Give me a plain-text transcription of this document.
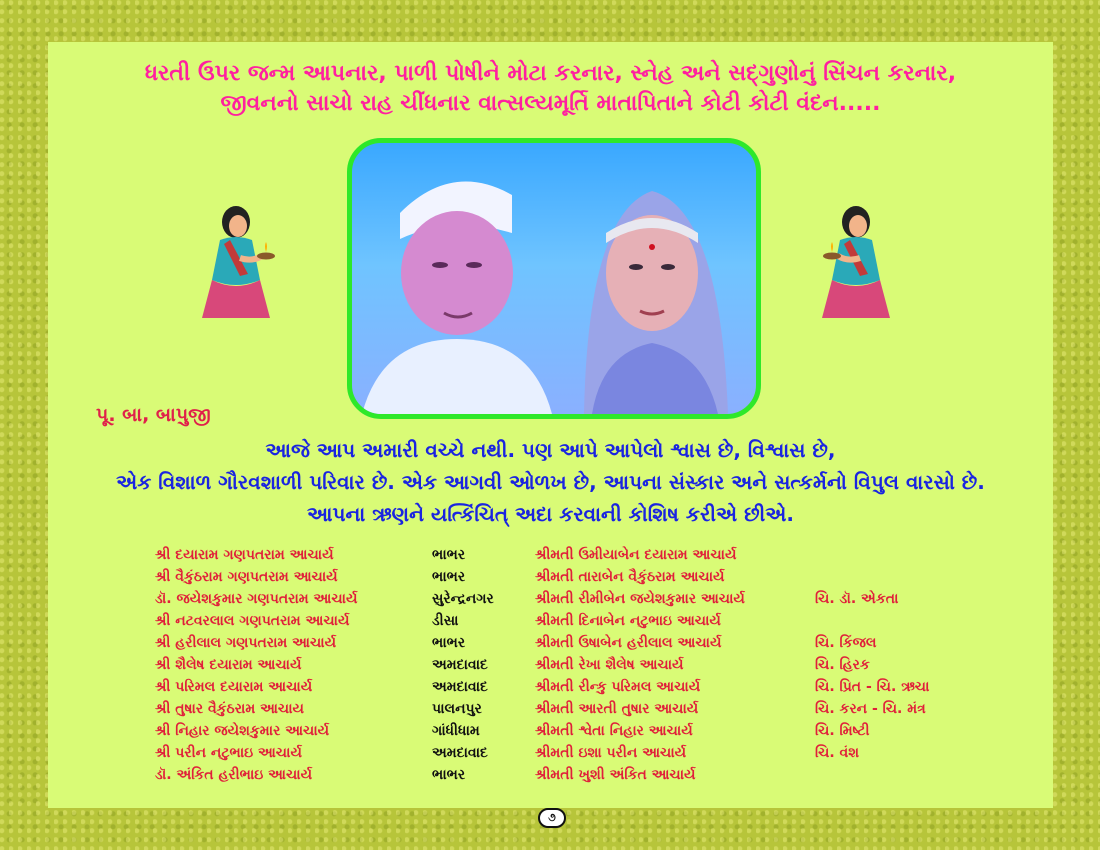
ધરતી ઉપર જન્મ આપનાર, પાળી પોષીને મોટા કરનાર, સ્નેહ અને સદ્ગુણોનું સિંચન કરનાર,
જીવનનો સાચો રાહ ચીંધનાર વાત્સલ્યમૂર્તિ માતાપિતાને કોટી કોટી વંદન.....
પૂ. બા, બાપુજી
આજે આપ અમારી વચ્ચે નથી. પણ આપે આપેલો શ્વાસ છે, વિશ્વાસ છે,
એક વિશાળ ગૌરવશાળી પરિવાર છે. એક આગવી ઓળખ છે, આપના સંસ્કાર અને સત્કર્મનો વિપુલ વારસો છે.
આપના ઋણને યત્કિંચિત્ અદા કરવાની કોશિષ કરીએ છીએ.
શ્રી દયારામ ગણપતરામ આચાર્ય	ભાભર	શ્રીમતી ઉમીયાબેન દયારામ આચાર્ય
શ્રી વૈકુંઠરામ ગણપતરામ આચાર્ય	ભાભર	શ્રીમતી તારાબેન વૈકુંઠરામ આચાર્ય
ડૉ. જયેશકુમાર ગણપતરામ આચાર્ય	સુરેન્દ્રનગર	શ્રીમતી રીમીબેન જયેશકુમાર આચાર્ય	ચિ. ડૉ. એકતા
શ્રી નટવરલાલ ગણપતરામ આચાર્ય	ડીસા	શ્રીમતી દિનાબેન નટુભાઇ આચાર્ય
શ્રી હરીલાલ ગણપતરામ આચાર્ય	ભાભર	શ્રીમતી ઉષાબેન હરીલાલ આચાર્ય	ચિ. કિંજલ
શ્રી શૈલેષ દયારામ આચાર્ય	અમદાવાદ	શ્રીમતી રેખા શૈલેષ આચાર્ય	ચિ. હિરક
શ્રી પરિમલ દયારામ આચાર્ય	અમદાવાદ	શ્રીમતી રીન્કુ પરિમલ આચાર્ય	ચિ. પ્રિત - ચિ. ઋચા
શ્રી તુષાર વૈકુંઠરામ આચાય	પાલનપુર	શ્રીમતી આરતી તુષાર આચાર્ય	ચિ. કરન - ચિ. મંત્ર
શ્રી નિહાર જયેશકુમાર આચાર્ય	ગાંધીધામ	શ્રીમતી શ્વેતા નિહાર આચાર્ય	ચિ. મિષ્ટી
શ્રી પરીન નટુભાઇ આચાર્ય	અમદાવાદ	શ્રીમતી ઇશા પરીન આચાર્ય	ચિ. વંશ
ડૉ. અંકિત હરીભાઇ આચાર્ય	ભાભર	શ્રીમતી ખુશી અંકિત આચાર્ય
૭
